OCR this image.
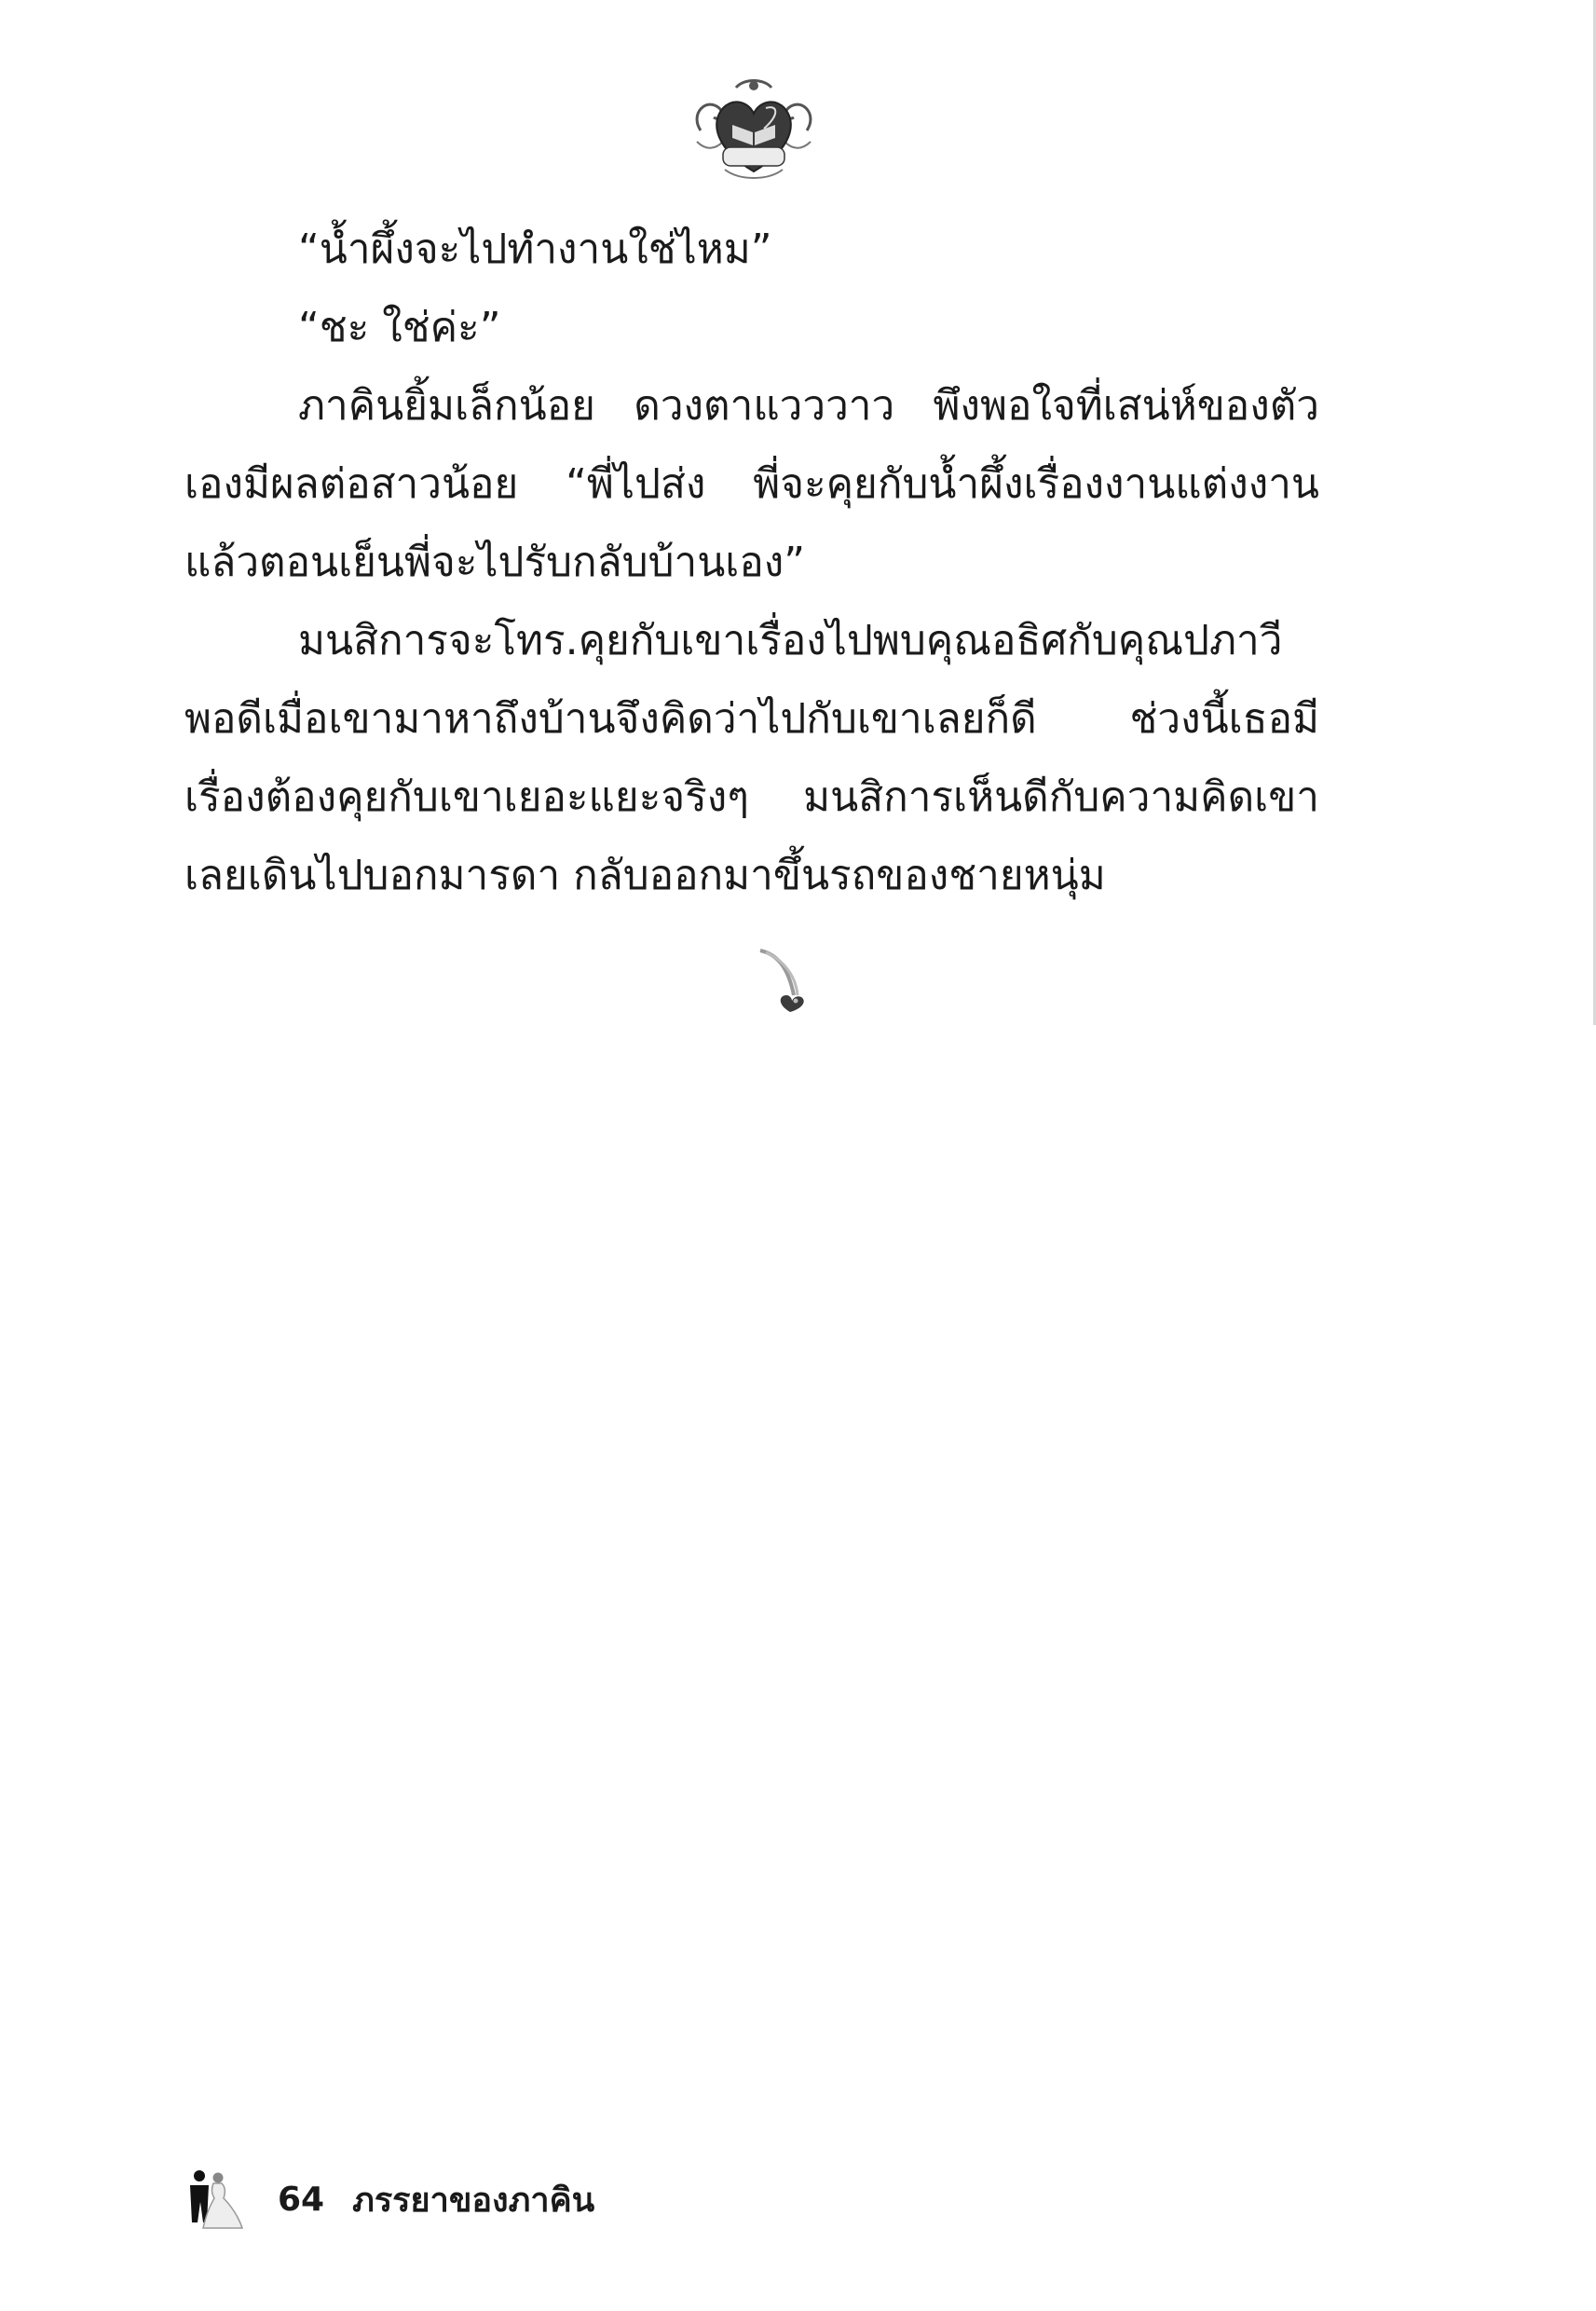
“น้ำผึ้งจะไปทำงานใช่ไหม”

“ชะ ใช่ค่ะ”

ภาคินยิ้มเล็กน้อย ดวงตาแวววาว พึงพอใจที่เสน่ห์ของตัวเองมีผลต่อสาวน้อย “พี่ไปส่ง พี่จะคุยกับน้ำผึ้งเรื่องงานแต่งงาน แล้วตอนเย็นพี่จะไปรับกลับบ้านเอง”

มนสิการจะโทร.คุยกับเขาเรื่องไปพบคุณอธิศกับคุณปภาวีพอดีเมื่อเขามาหาถึงบ้านจึงคิดว่าไปกับเขาเลยก็ดี ช่วงนี้เธอมีเรื่องต้องคุยกับเขาเยอะแยะจริงๆ มนสิการเห็นดีกับความคิดเขา เลยเดินไปบอกมารดา กลับออกมาขึ้นรถของชายหนุ่ม

64 ภรรยาของภาคิน
